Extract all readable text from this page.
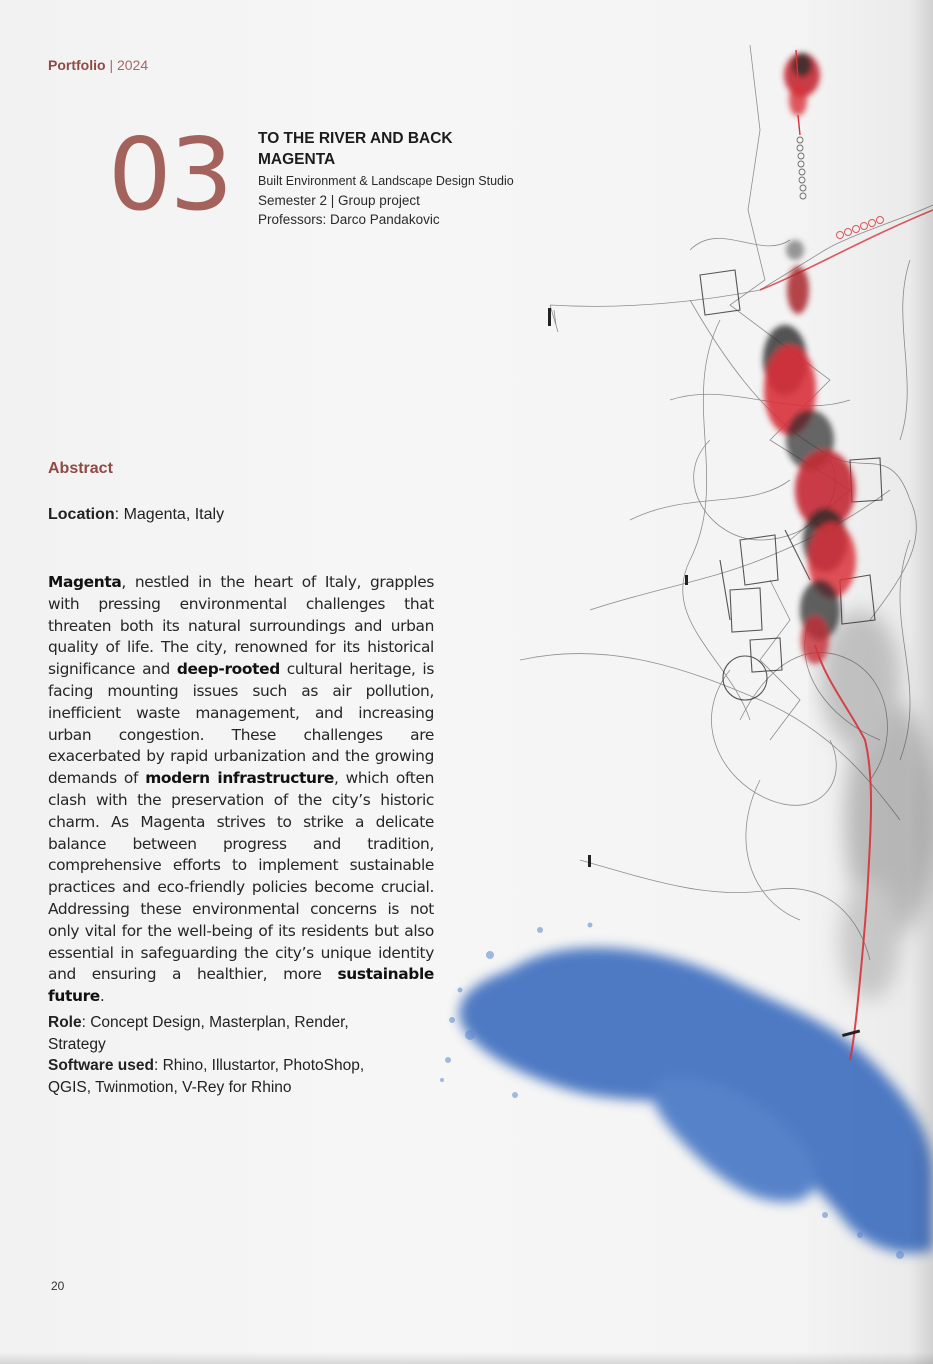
Portfolio | 2024
03 TO THE RIVER AND BACK
MAGENTA
Built Environment & Landscape Design Studio
Semester 2 | Group project
Professors: Darco Pandakovic
Abstract
Location: Magenta, Italy
Magenta, nestled in the heart of Italy, grapples with pressing environmental challenges that threaten both its natural surroundings and urban quality of life. The city, renowned for its historical significance and deep-rooted cultural heritage, is facing mounting issues such as air pollution, inefficient waste management, and increasing urban congestion. These challenges are exacerbated by rapid urbanization and the growing demands of modern infrastructure, which often clash with the preservation of the city’s historic charm. As Magenta strives to strike a delicate balance between progress and tradition, comprehensive efforts to implement sustainable practices and eco-friendly policies become crucial. Addressing these environmental concerns is not only vital for the well-being of its residents but also essential in safeguarding the city’s unique identity and ensuring a healthier, more sustainable future.
Role: Concept Design, Masterplan, Render, Strategy
Software used: Rhino, Illustartor, PhotoShop, QGIS, Twinmotion, V-Rey for Rhino
20
